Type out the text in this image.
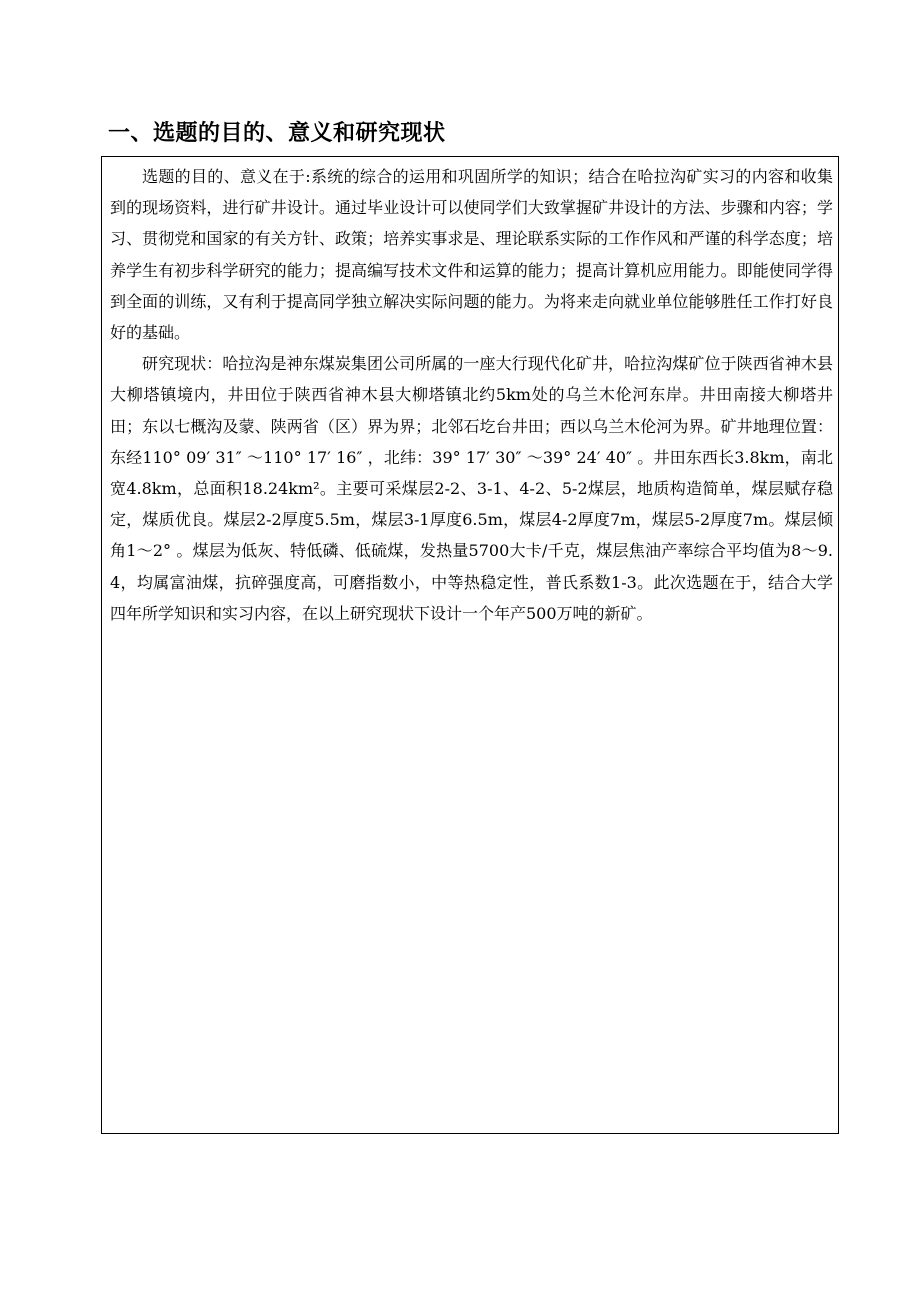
一、选题的目的、意义和研究现状

选题的目的、意义在于:系统的综合的运用和巩固所学的知识；结合在哈拉沟矿实习的内容和收集到的现场资料，进行矿井设计。通过毕业设计可以使同学们大致掌握矿井设计的方法、步骤和内容；学习、贯彻党和国家的有关方针、政策；培养实事求是、理论联系实际的工作作风和严谨的科学态度；培养学生有初步科学研究的能力；提高编写技术文件和运算的能力；提高计算机应用能力。即能使同学得到全面的训练，又有利于提高同学独立解决实际问题的能力。为将来走向就业单位能够胜任工作打好良好的基础。

研究现状：哈拉沟是神东煤炭集团公司所属的一座大行现代化矿井，哈拉沟煤矿位于陕西省神木县大柳塔镇境内，井田位于陕西省神木县大柳塔镇北约5km处的乌兰木伦河东岸。井田南接大柳塔井田；东以七概沟及蒙、陕两省（区）界为界；北邻石圪台井田；西以乌兰木伦河为界。矿井地理位置：东经110° 09′ 31″ ～110° 17′ 16″ ，北纬：39° 17′ 30″ ～39° 24′ 40″ 。井田东西长3.8km，南北宽4.8km，总面积18.24km²。主要可采煤层2-2、3-1、4-2、5-2煤层，地质构造简单，煤层赋存稳定，煤质优良。煤层2-2厚度5.5m，煤层3-1厚度6.5m，煤层4-2厚度7m，煤层5-2厚度7m。煤层倾角1～2° 。煤层为低灰、特低磷、低硫煤，发热量5700大卡/千克，煤层焦油产率综合平均值为8～9.4，均属富油煤，抗碎强度高，可磨指数小，中等热稳定性，普氏系数1-3。此次选题在于，结合大学四年所学知识和实习内容，在以上研究现状下设计一个年产500万吨的新矿。
